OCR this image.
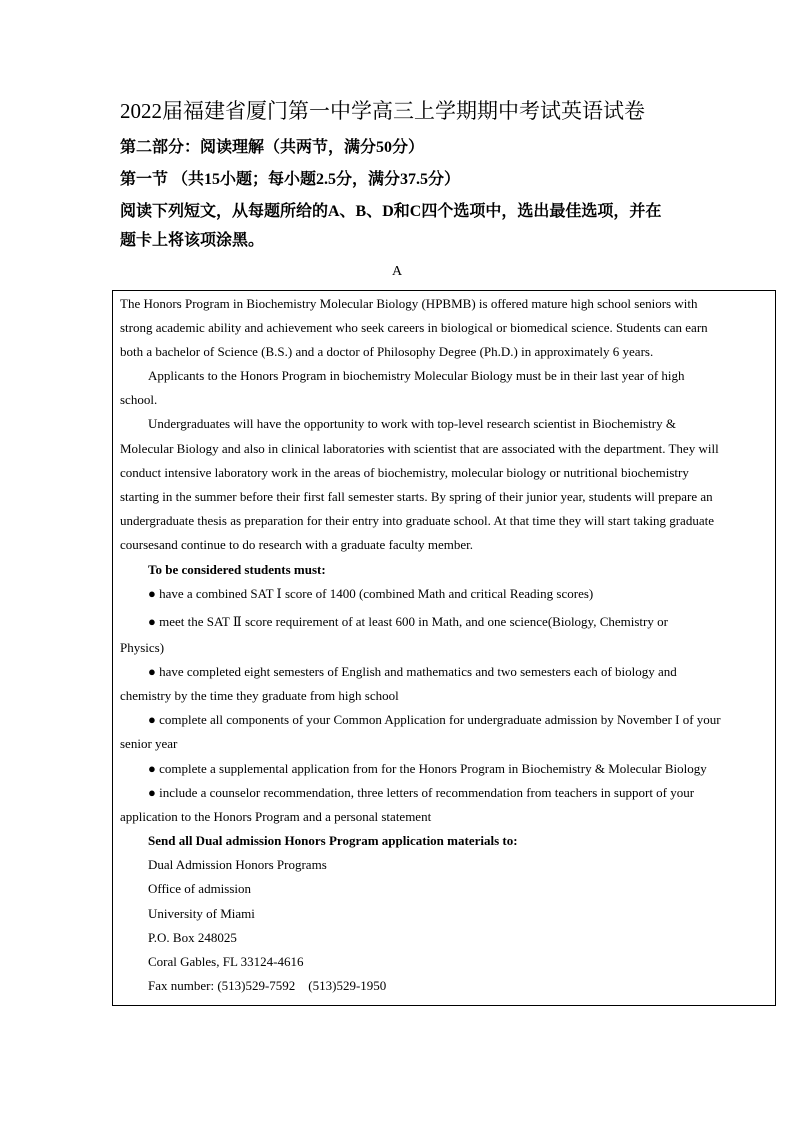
2022届福建省厦门第一中学高三上学期期中考试英语试卷
第二部分：阅读理解（共两节，满分50分）
第一节 （共15小题；每小题2.5分，满分37.5分）
阅读下列短文，从每题所给的A、B、D和C四个选项中，选出最佳选项，并在
题卡上将该项涂黑。
A
The Honors Program in Biochemistry Molecular Biology (HPBMB) is offered mature high school seniors with
strong academic ability and achievement who seek careers in biological or biomedical science. Students can earn
both a bachelor of Science (B.S.) and a doctor of Philosophy Degree (Ph.D.) in approximately 6 years.
Applicants to the Honors Program in biochemistry Molecular Biology must be in their last year of high
school.
Undergraduates will have the opportunity to work with top-level research scientist in Biochemistry &
Molecular Biology and also in clinical laboratories with scientist that are associated with the department. They will
conduct intensive laboratory work in the areas of biochemistry, molecular biology or nutritional biochemistry
starting in the summer before their first fall semester starts. By spring of their junior year, students will prepare an
undergraduate thesis as preparation for their entry into graduate school. At that time they will start taking graduate
coursesand continue to do research with a graduate faculty member.
To be considered students must:
● have a combined SAT Ⅰ score of 1400 (combined Math and critical Reading scores)
● meet the SAT Ⅱ score requirement of at least 600 in Math, and one science(Biology, Chemistry or
Physics)
● have completed eight semesters of English and mathematics and two semesters each of biology and
chemistry by the time they graduate from high school
● complete all components of your Common Application for undergraduate admission by November I of your
senior year
● complete a supplemental application from for the Honors Program in Biochemistry & Molecular Biology
● include a counselor recommendation, three letters of recommendation from teachers in support of your
application to the Honors Program and a personal statement
Send all Dual admission Honors Program application materials to:
Dual Admission Honors Programs
Office of admission
University of Miami
P.O. Box 248025
Coral Gables, FL 33124-4616
Fax number: (513)529-7592    (513)529-1950
